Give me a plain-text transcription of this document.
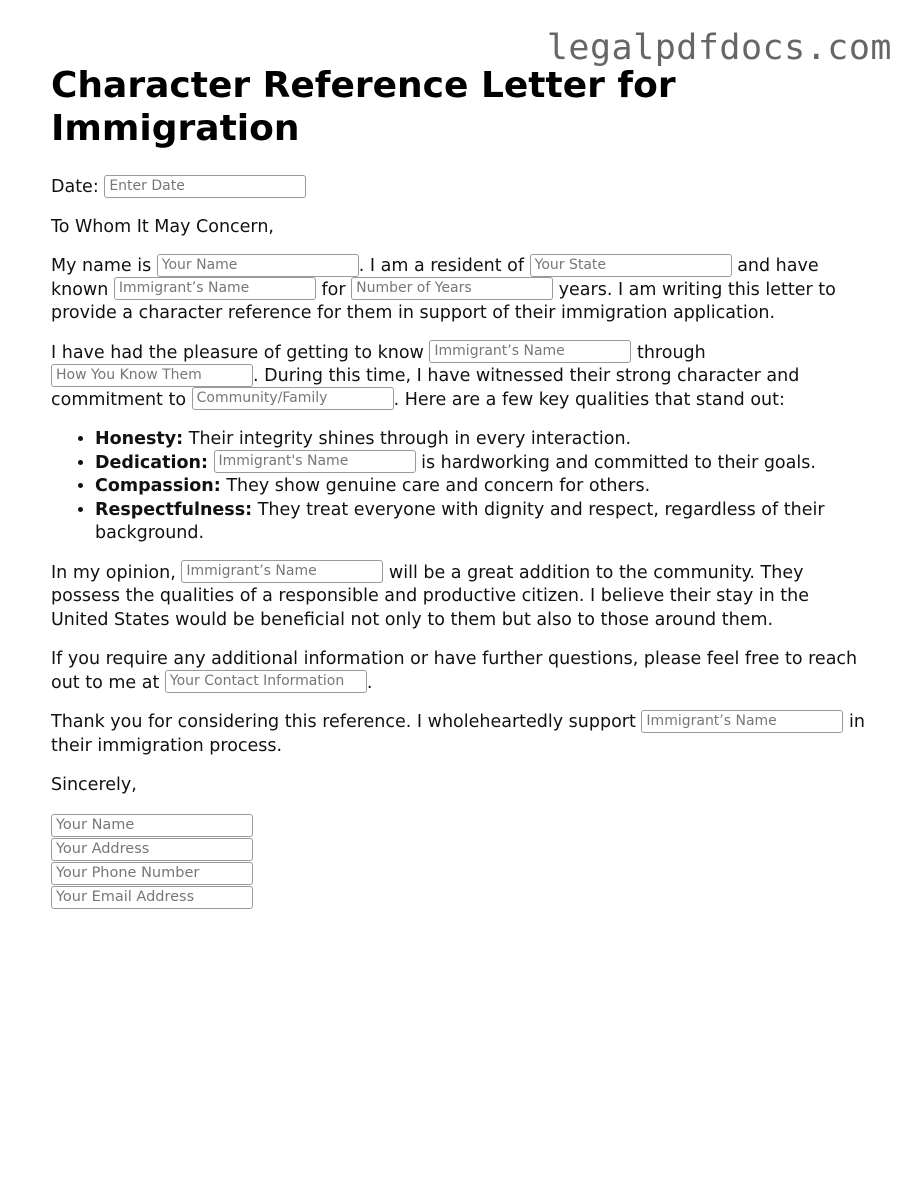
legalpdfdocs.com
Character Reference Letter for Immigration

Date: Enter Date

To Whom It May Concern,

My name is Your Name	. I am a resident of Your State	and have known Immigrant’s Name	for Number of Years	years. I am writing this letter to provide a character reference for them in support of their immigration application.

I have had the pleasure of getting to know Immigrant’s Name	through How You Know Them	. During this time, I have witnessed their strong character and commitment to Community/Family	. Here are a few key qualities that stand out:

• Honesty: Their integrity shines through in every interaction.
• Dedication: Immigrant's Name	is hardworking and committed to their goals.
• Compassion: They show genuine care and concern for others.
• Respectfulness: They treat everyone with dignity and respect, regardless of their background.

In my opinion, Immigrant’s Name	will be a great addition to the community. They possess the qualities of a responsible and productive citizen. I believe their stay in the United States would be beneficial not only to them but also to those around them.

If you require any additional information or have further questions, please feel free to reach out to me at Your Contact Information .

Thank you for considering this reference. I wholeheartedly support Immigrant’s Name	in their immigration process.

Sincerely,

Your Name
Your Address
Your Phone Number
Your Email Address
